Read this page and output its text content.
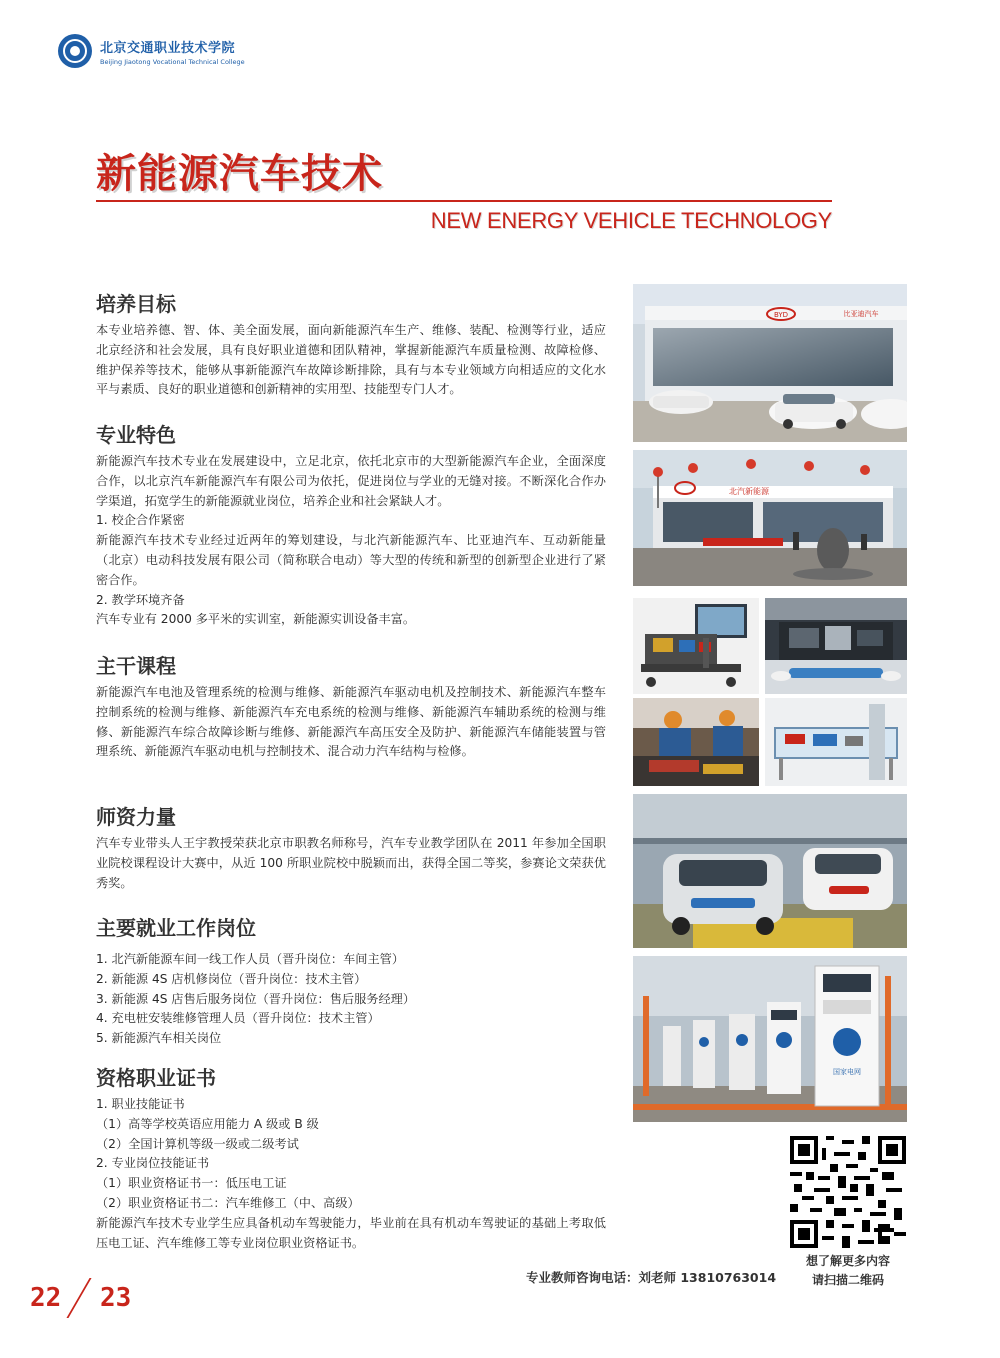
北京交通职业技术学院
Beijing Jiaotong Vocational Technical College
新能源汽车技术
NEW ENERGY VEHICLE TECHNOLOGY
培养目标
本专业培养德、智、体、美全面发展，面向新能源汽车生产、维修、装配、检测等行业，适应北京经济和社会发展，具有良好职业道德和团队精神，掌握新能源汽车质量检测、故障检修、维护保养等技术，能够从事新能源汽车故障诊断排除，具有与本专业领域方向相适应的文化水平与素质、良好的职业道德和创新精神的实用型、技能型专门人才。
专业特色

新能源汽车技术专业在发展建设中，立足北京，依托北京市的大型新能源汽车企业，全面深度合作，以北京汽车新能源汽车有限公司为依托，促进岗位与学业的无缝对接。不断深化合作办学渠道，拓宽学生的新能源就业岗位，培养企业和社会紧缺人才。

1. 校企合作紧密

新能源汽车技术专业经过近两年的筹划建设，与北汽新能源汽车、比亚迪汽车、互动新能量（北京）电动科技发展有限公司（简称联合电动）等大型的传统和新型的创新型企业进行了紧密合作。

2. 教学环境齐备

汽车专业有 2000 多平米的实训室，新能源实训设备丰富。

主干课程
新能源汽车电池及管理系统的检测与维修、新能源汽车驱动电机及控制技术、新能源汽车整车控制系统的检测与维修、新能源汽车充电系统的检测与维修、新能源汽车辅助系统的检测与维修、新能源汽车综合故障诊断与维修、新能源汽车高压安全及防护、新能源汽车储能装置与管理系统、新能源汽车驱动电机与控制技术、混合动力汽车结构与检修。
师资力量
汽车专业带头人王宇教授荣获北京市职教名师称号，汽车专业教学团队在 2011 年参加全国职业院校课程设计大赛中，从近 100 所职业院校中脱颖而出，获得全国二等奖，参赛论文荣获优秀奖。
主要就业工作岗位
1. 北汽新能源车间一线工作人员（晋升岗位：车间主管）
2. 新能源 4S 店机修岗位（晋升岗位：技术主管）
3. 新能源 4S 店售后服务岗位（晋升岗位：售后服务经理）
4. 充电桩安装维修管理人员（晋升岗位：技术主管）
5. 新能源汽车相关岗位
资格职业证书
1. 职业技能证书
（1）高等学校英语应用能力 A 级或 B 级
（2）全国计算机等级一级或二级考试
2. 专业岗位技能证书
（1）职业资格证书一：低压电工证
（2）职业资格证书二：汽车维修工（中、高级）
新能源汽车技术专业学生应具备机动车驾驶能力，毕业前在具有机动车驾驶证的基础上考取低压电工证、汽车维修工等专业岗位职业资格证书。
BYD	比亚迪汽车
北汽新能源
国家电网
想了解更多内容
请扫描二维码
专业教师咨询电话：刘老师 13810763014
22 23
